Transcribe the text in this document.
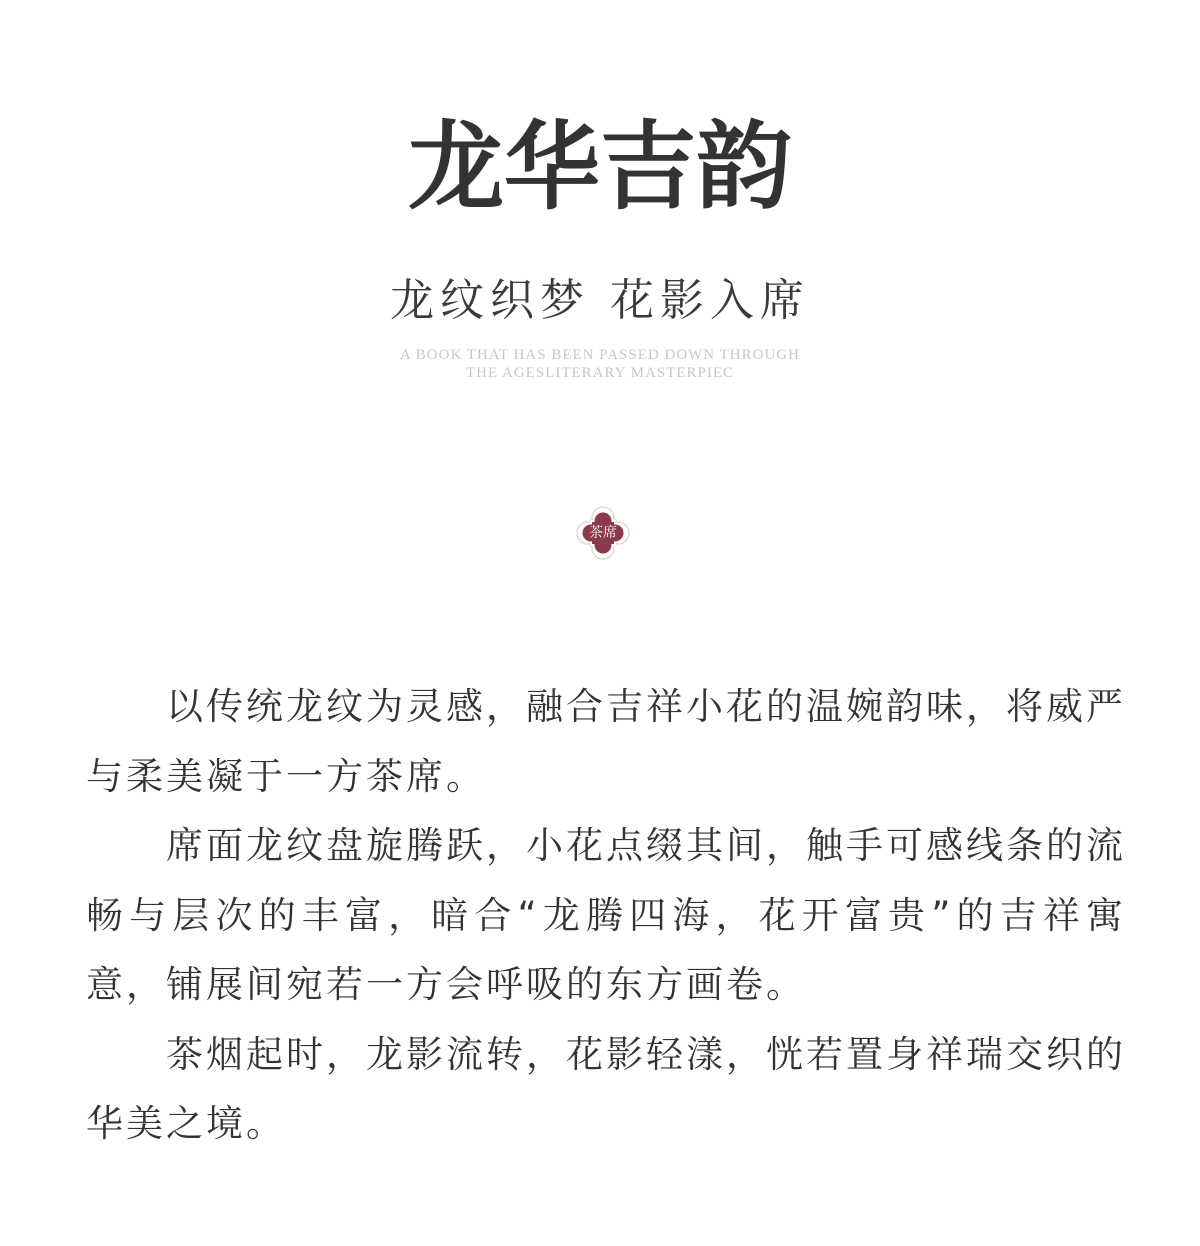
龙华吉韵
龙纹织梦 花影入席
A BOOK THAT HAS BEEN PASSED DOWN THROUGH
THE AGESLITERARY MASTERPIEC
茶席

以传统龙纹为灵感，融合吉祥小花的温婉韵味，将威严与柔美凝于一方茶席。

席面龙纹盘旋腾跃，小花点缀其间，触手可感线条的流畅与层次的丰富，暗合“龙腾四海，花开富贵”的吉祥寓意，铺展间宛若一方会呼吸的东方画卷。

茶烟起时，龙影流转，花影轻漾，恍若置身祥瑞交织的华美之境。
